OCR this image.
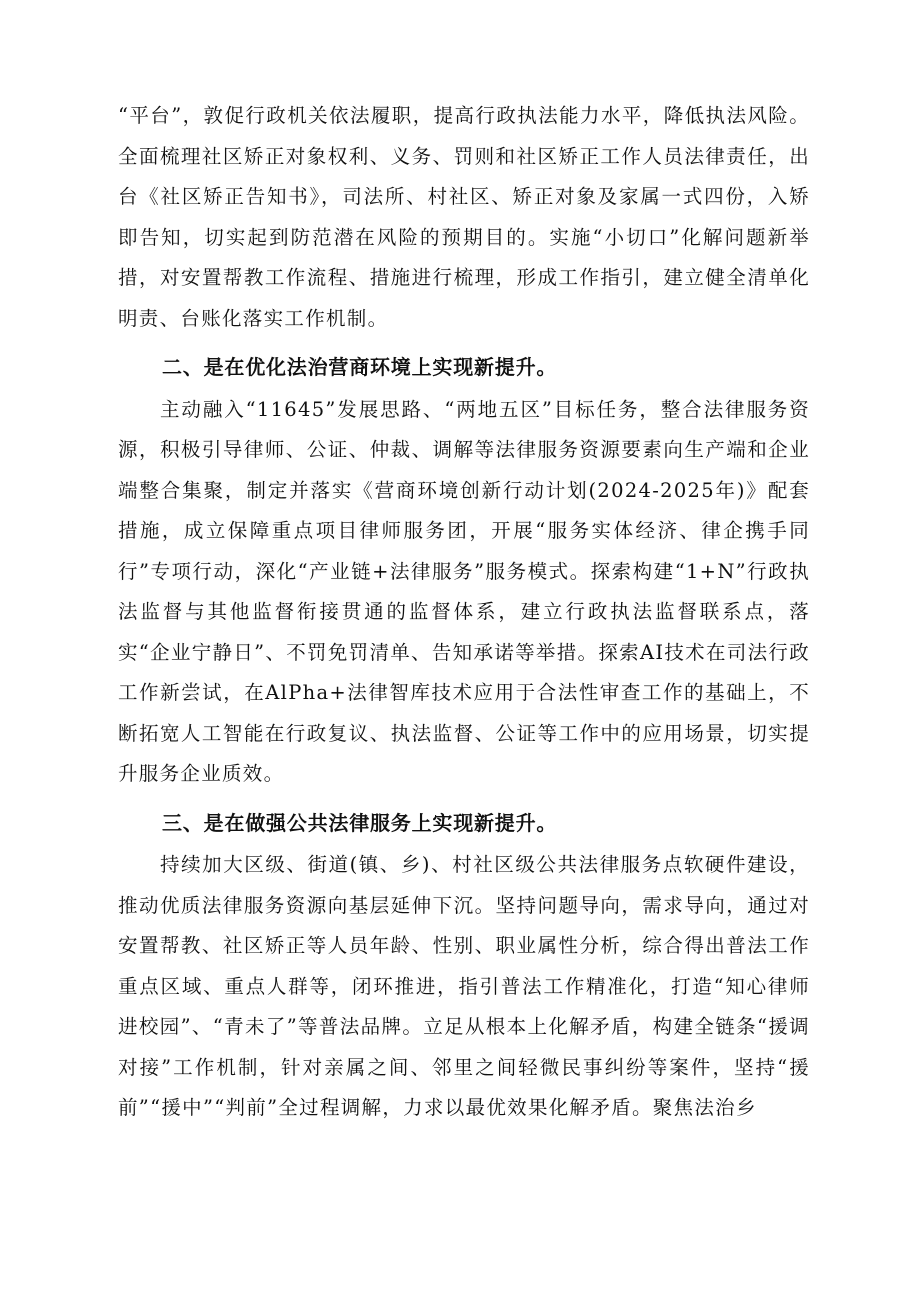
“平台”，敦促行政机关依法履职，提高行政执法能力水平，降低执法风险。全面梳理社区矫正对象权利、义务、罚则和社区矫正工作人员法律责任，出台《社区矫正告知书》，司法所、村社区、矫正对象及家属一式四份，入矫即告知，切实起到防范潜在风险的预期目的。实施“小切口”化解问题新举措，对安置帮教工作流程、措施进行梳理，形成工作指引，建立健全清单化明责、台账化落实工作机制。

二、是在优化法治营商环境上实现新提升。

主动融入“11645”发展思路、“两地五区”目标任务，整合法律服务资源，积极引导律师、公证、仲裁、调解等法律服务资源要素向生产端和企业端整合集聚，制定并落实《营商环境创新行动计划(2024-2025年)》配套措施，成立保障重点项目律师服务团，开展“服务实体经济、律企携手同行”专项行动，深化“产业链+法律服务”服务模式。探索构建“1+N”行政执法监督与其他监督衔接贯通的监督体系，建立行政执法监督联系点，落实“企业宁静日”、不罚免罚清单、告知承诺等举措。探索AI技术在司法行政工作新尝试，在AlPha+法律智库技术应用于合法性审查工作的基础上，不断拓宽人工智能在行政复议、执法监督、公证等工作中的应用场景，切实提升服务企业质效。

三、是在做强公共法律服务上实现新提升。

持续加大区级、街道(镇、乡)、村社区级公共法律服务点软硬件建设，推动优质法律服务资源向基层延伸下沉。坚持问题导向，需求导向，通过对安置帮教、社区矫正等人员年龄、性别、职业属性分析，综合得出普法工作重点区域、重点人群等，闭环推进，指引普法工作精准化，打造“知心律师进校园”、“青未了”等普法品牌。立足从根本上化解矛盾，构建全链条“援调对接”工作机制，针对亲属之间、邻里之间轻微民事纠纷等案件，坚持“援前”“援中”“判前”全过程调解，力求以最优效果化解矛盾。聚焦法治乡
